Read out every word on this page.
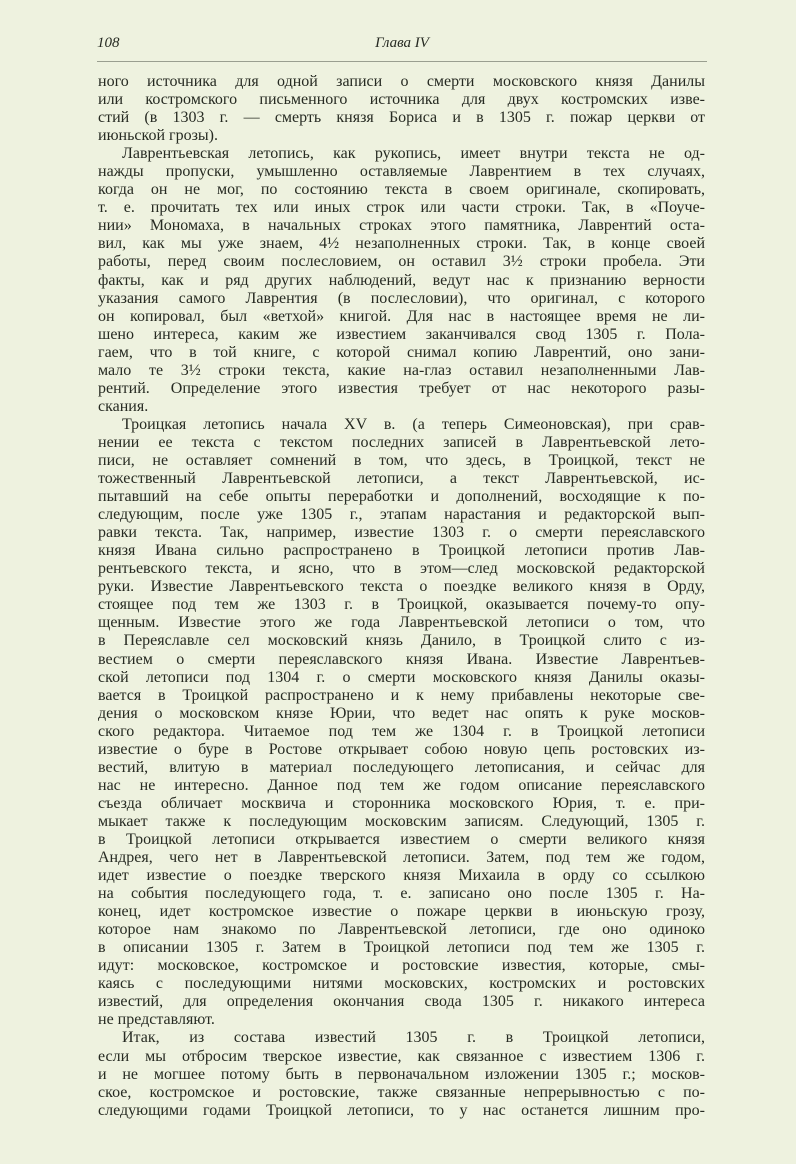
108	Глава IV
ного источника для одной записи о смерти московского князя Данилы
или костромского письменного источника для двух костромских изве-
стий (в 1303 г. — смерть князя Бориса и в 1305 г. пожар церкви от
июньской грозы).
Лаврентьевская летопись, как рукопись, имеет внутри текста не од-
нажды пропуски, умышленно оставляемые Лаврентием в тех случаях,
когда он не мог, по состоянию текста в своем оригинале, скопировать,
т. е. прочитать тех или иных строк или части строки. Так, в «Поуче-
нии» Мономаха, в начальных строках этого памятника, Лаврентий оста-
вил, как мы уже знаем, 4½ незаполненных строки. Так, в конце своей
работы, перед своим послесловием, он оставил 3½ строки пробела. Эти
факты, как и ряд других наблюдений, ведут нас к признанию верности
указания самого Лаврентия (в послесловии), что оригинал, с которого
он копировал, был «ветхой» книгой. Для нас в настоящее время не ли-
шено интереса, каким же известием заканчивался свод 1305 г. Пола-
гаем, что в той книге, с которой снимал копию Лаврентий, оно зани-
мало те 3½ строки текста, какие на-глаз оставил незаполненными Лав-
рентий. Определение этого известия требует от нас некоторого разы-
скания.
Троицкая летопись начала XV в. (а теперь Симеоновская), при срав-
нении ее текста с текстом последних записей в Лаврентьевской лето-
писи, не оставляет сомнений в том, что здесь, в Троицкой, текст не
тожественный Лаврентьевской летописи, а текст Лаврентьевской, ис-
пытавший на себе опыты переработки и дополнений, восходящие к по-
следующим, после уже 1305 г., этапам нарастания и редакторской вып-
равки текста. Так, например, известие 1303 г. о смерти переяславского
князя Ивана сильно распространено в Троицкой летописи против Лав-
рентьевского текста, и ясно, что в этом—след московской редакторской
руки. Известие Лаврентьевского текста о поездке великого князя в Орду,
стоящее под тем же 1303 г. в Троицкой, оказывается почему-то опу-
щенным. Известие этого же года Лаврентьевской летописи о том, что
в Переяславле сел московский князь Данило, в Троицкой слито с из-
вестием о смерти переяславского князя Ивана. Известие Лаврентьев-
ской летописи под 1304 г. о смерти московского князя Данилы оказы-
вается в Троицкой распространено и к нему прибавлены некоторые све-
дения о московском князе Юрии, что ведет нас опять к руке москов-
ского редактора. Читаемое под тем же 1304 г. в Троицкой летописи
известие о буре в Ростове открывает собою новую цепь ростовских из-
вестий, влитую в материал последующего летописания, и сейчас для
нас не интересно. Данное под тем же годом описание переяславского
съезда обличает москвича и сторонника московского Юрия, т. е. при-
мыкает также к последующим московским записям. Следующий, 1305 г.
в Троицкой летописи открывается известием о смерти великого князя
Андрея, чего нет в Лаврентьевской летописи. Затем, под тем же годом,
идет известие о поездке тверского князя Михаила в орду со ссылкою
на события последующего года, т. е. записано оно после 1305 г. На-
конец, идет костромское известие о пожаре церкви в июньскую грозу,
которое нам знакомо по Лаврентьевской летописи, где оно одиноко
в описании 1305 г. Затем в Троицкой летописи под тем же 1305 г.
идут: московское, костромское и ростовские известия, которые, смы-
каясь с последующими нитями московских, костромских и ростовских
известий, для определения окончания свода 1305 г. никакого интереса
не представляют.
Итак, из состава известий 1305 г. в Троицкой летописи,
если мы отбросим тверское известие, как связанное с известием 1306 г.
и не могшее потому быть в первоначальном изложении 1305 г.; москов-
ское, костромское и ростовские, также связанные непрерывностью с по-
следующими годами Троицкой летописи, то у нас останется лишним про-
